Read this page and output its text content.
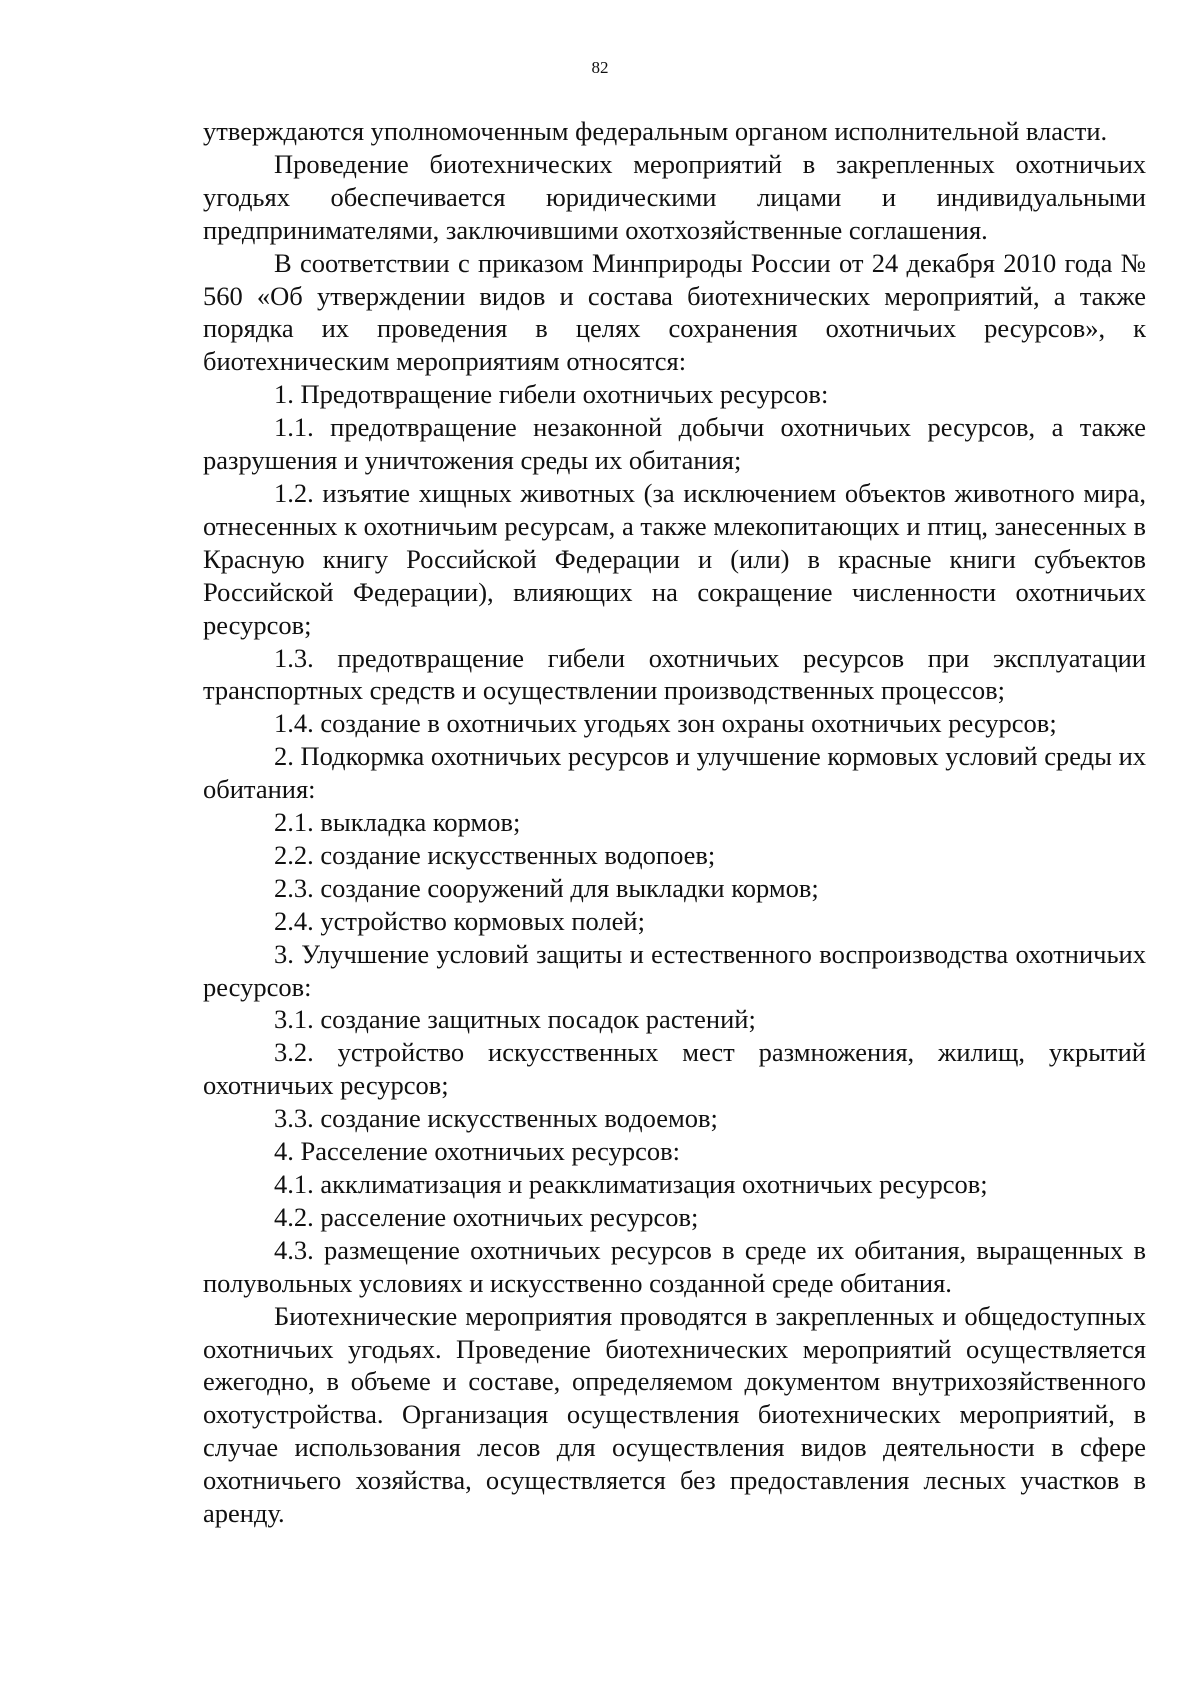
82

утверждаются уполномоченным федеральным органом исполнительной власти.

Проведение биотехнических мероприятий в закрепленных охотничьих угодьях обеспечивается юридическими лицами и индивидуальными предпринимателями, заключившими охотхозяйственные соглашения.

В соответствии с приказом Минприроды России от 24 декабря 2010 года № 560 «Об утверждении видов и состава биотехнических мероприятий, а также порядка их проведения в целях сохранения охотничьих ресурсов», к биотехническим мероприятиям относятся:

1. Предотвращение гибели охотничьих ресурсов:

1.1. предотвращение незаконной добычи охотничьих ресурсов, а также разрушения и уничтожения среды их обитания;

1.2. изъятие хищных животных (за исключением объектов животного мира, отнесенных к охотничьим ресурсам, а также млекопитающих и птиц, занесенных в Красную книгу Российской Федерации и (или) в красные книги субъектов Российской Федерации), влияющих на сокращение численности охотничьих ресурсов;

1.3. предотвращение гибели охотничьих ресурсов при эксплуатации транспортных средств и осуществлении производственных процессов;

1.4. создание в охотничьих угодьях зон охраны охотничьих ресурсов;

2. Подкормка охотничьих ресурсов и улучшение кормовых условий среды их обитания:

2.1. выкладка кормов;

2.2. создание искусственных водопоев;

2.3. создание сооружений для выкладки кормов;

2.4. устройство кормовых полей;

3. Улучшение условий защиты и естественного воспроизводства охотничьих ресурсов:

3.1. создание защитных посадок растений;

3.2. устройство искусственных мест размножения, жилищ, укрытий охотничьих ресурсов;

3.3. создание искусственных водоемов;

4. Расселение охотничьих ресурсов:

4.1. акклиматизация и реакклиматизация охотничьих ресурсов;

4.2. расселение охотничьих ресурсов;

4.3. размещение охотничьих ресурсов в среде их обитания, выращенных в полувольных условиях и искусственно созданной среде обитания.

Биотехнические мероприятия проводятся в закрепленных и общедоступных охотничьих угодьях. Проведение биотехнических мероприятий осуществляется ежегодно, в объеме и составе, определяемом документом внутрихозяйственного охотустройства. Организация осуществления биотехнических мероприятий, в случае использования лесов для осуществления видов деятельности в сфере охотничьего хозяйства, осуществляется без предоставления лесных участков в аренду.
